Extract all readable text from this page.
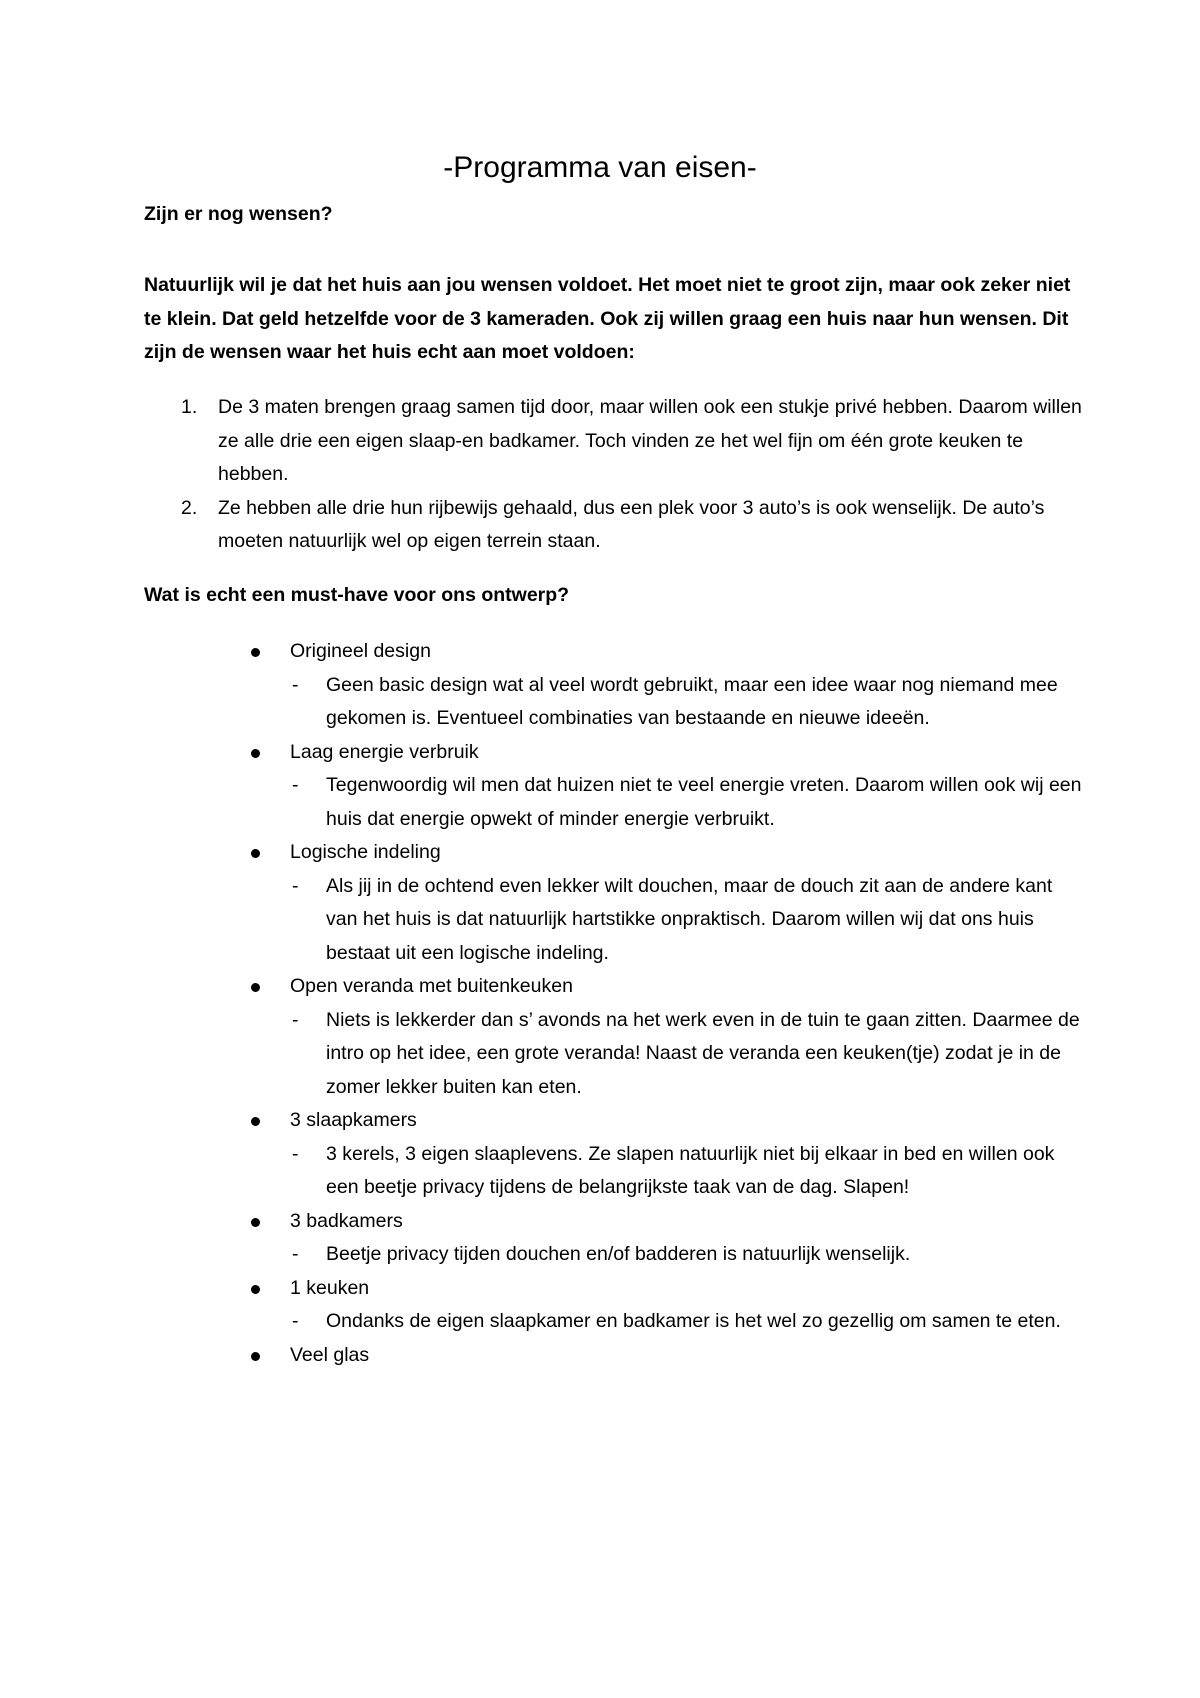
-Programma van eisen-

Zijn er nog wensen?

Natuurlijk wil je dat het huis aan jou wensen voldoet. Het moet niet te groot zijn, maar ook zeker niet te klein. Dat geld hetzelfde voor de 3 kameraden. Ook zij willen graag een huis naar hun wensen. Dit zijn de wensen waar het huis echt aan moet voldoen:

1. De 3 maten brengen graag samen tijd door, maar willen ook een stukje privé hebben. Daarom willen ze alle drie een eigen slaap-en badkamer. Toch vinden ze het wel fijn om één grote keuken te hebben.
2. Ze hebben alle drie hun rijbewijs gehaald, dus een plek voor 3 auto’s is ook wenselijk. De auto’s moeten natuurlijk wel op eigen terrein staan.

Wat is echt een must-have voor ons ontwerp?

Origineel design
- Geen basic design wat al veel wordt gebruikt, maar een idee waar nog niemand mee gekomen is. Eventueel combinaties van bestaande en nieuwe ideeën.
Laag energie verbruik
- Tegenwoordig wil men dat huizen niet te veel energie vreten. Daarom willen ook wij een huis dat energie opwekt of minder energie verbruikt.
Logische indeling
- Als jij in de ochtend even lekker wilt douchen, maar de douch zit aan de andere kant van het huis is dat natuurlijk hartstikke onpraktisch. Daarom willen wij dat ons huis bestaat uit een logische indeling.
Open veranda met buitenkeuken
- Niets is lekkerder dan s’ avonds na het werk even in de tuin te gaan zitten. Daarmee de intro op het idee, een grote veranda! Naast de veranda een keuken(tje) zodat je in de zomer lekker buiten kan eten.
3 slaapkamers
- 3 kerels, 3 eigen slaaplevens. Ze slapen natuurlijk niet bij elkaar in bed en willen ook een beetje privacy tijdens de belangrijkste taak van de dag. Slapen!
3 badkamers
- Beetje privacy tijden douchen en/of badderen is natuurlijk wenselijk.
1 keuken
- Ondanks de eigen slaapkamer en badkamer is het wel zo gezellig om samen te eten.
Veel glas
